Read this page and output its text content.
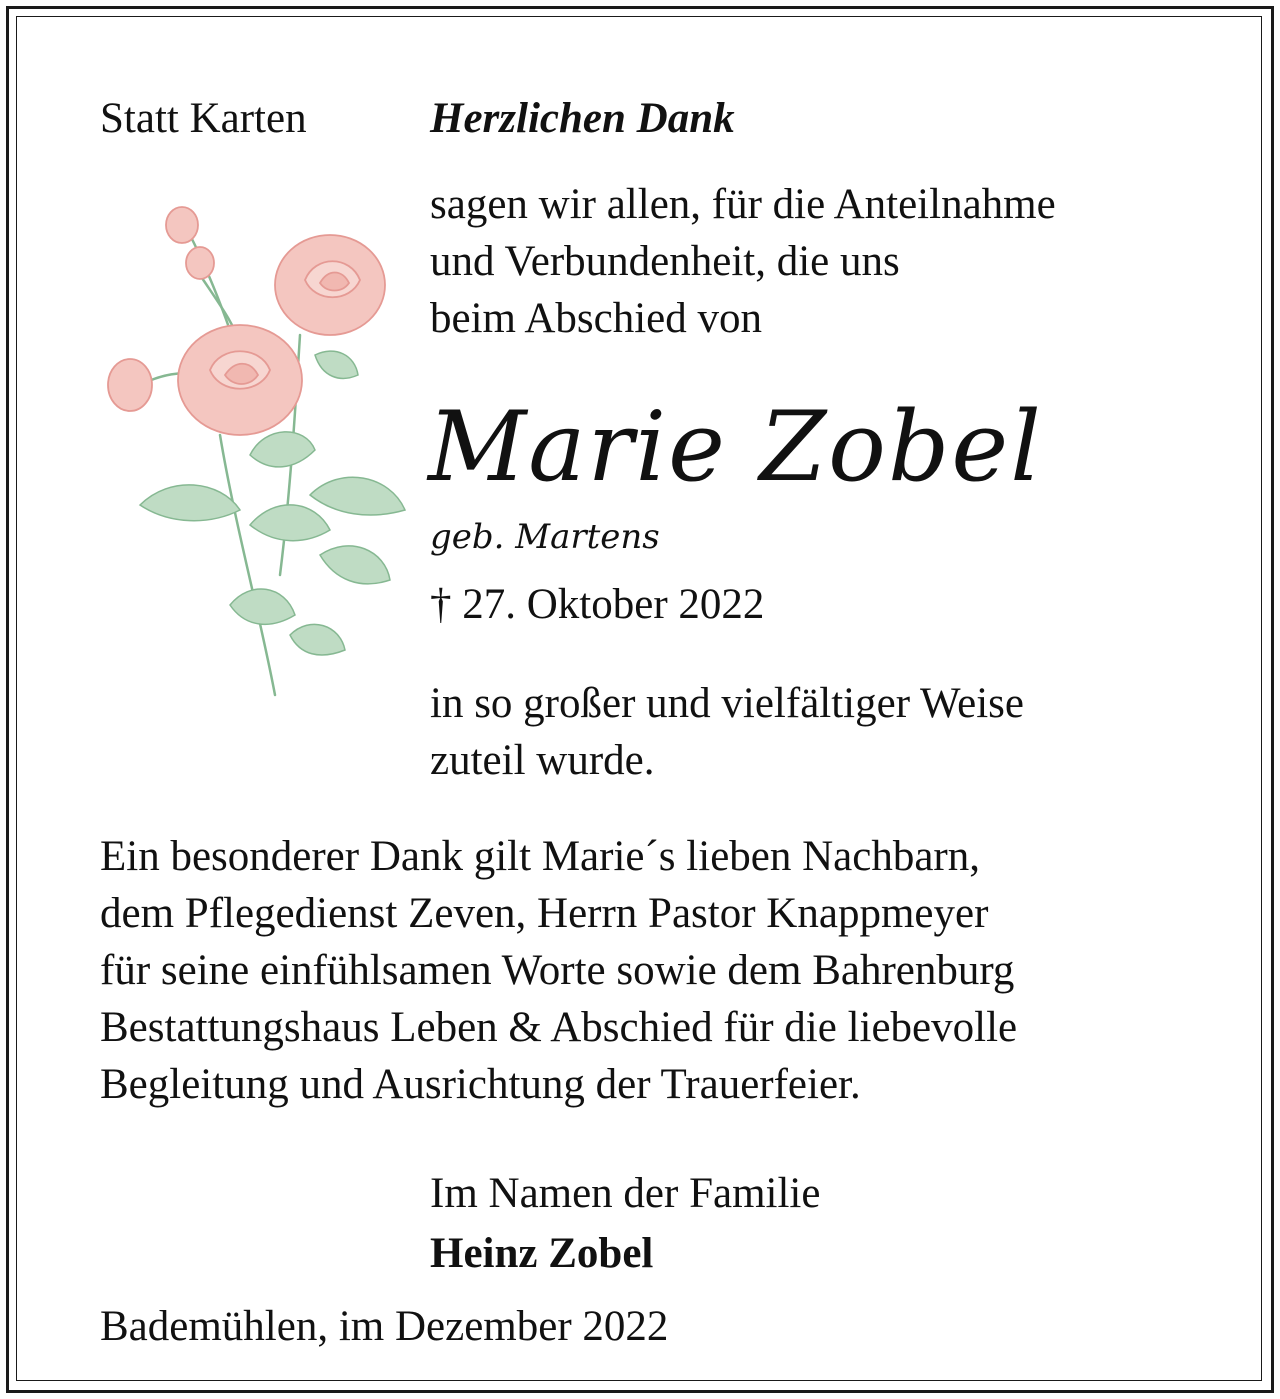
Statt Karten	Herzlichen Dank
sagen wir allen, für die Anteilnahme
und Verbundenheit, die uns
beim Abschied von
Marie Zobel
geb. Martens
† 27. Oktober 2022
in so großer und vielfältiger Weise
zuteil wurde.
Ein besonderer Dank gilt Marie´s lieben Nachbarn,
dem Pflegedienst Zeven, Herrn Pastor Knappmeyer
für seine einfühlsamen Worte sowie dem Bahrenburg
Bestattungshaus Leben & Abschied für die liebevolle
Begleitung und Ausrichtung der Trauerfeier.
Im Namen der Familie
Heinz Zobel
Bademühlen, im Dezember 2022
